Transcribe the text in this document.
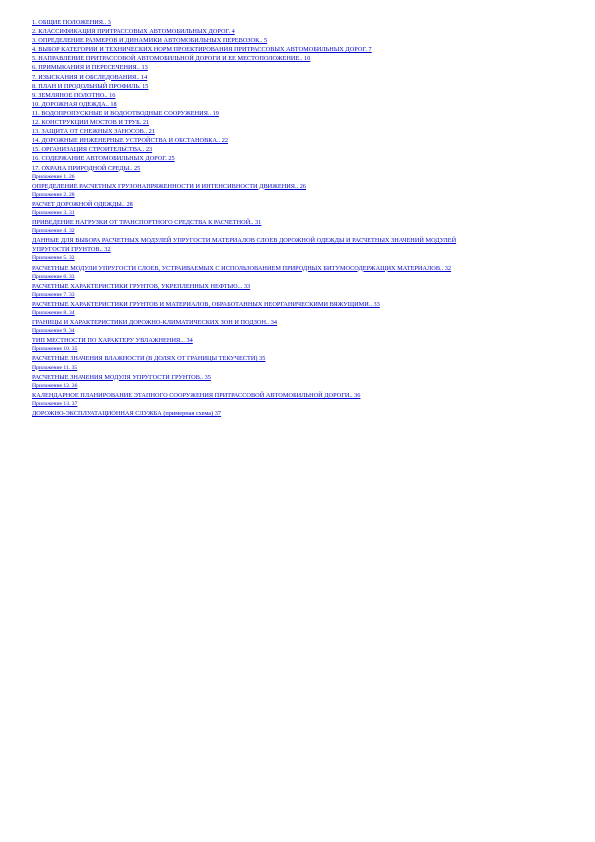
1. ОБЩИЕ ПОЛОЖЕНИЯ.. 3
2. КЛАССИФИКАЦИЯ ПРИТРАССОВЫХ АВТОМОБИЛЬНЫХ ДОРОГ. 4
3. ОПРЕДЕЛЕНИЕ РАЗМЕРОВ И ДИНАМИКИ АВТОМОБИЛЬНЫХ ПЕРЕВОЗОК.. 5
4. ВЫБОР КАТЕГОРИИ И ТЕХНИЧЕСКИХ НОРМ ПРОЕКТИРОВАНИЯ ПРИТРАССОВЫХ АВТОМОБИЛЬНЫХ ДОРОГ. 7
5. НАПРАВЛЕНИЕ ПРИТРАССОВОЙ АВТОМОБИЛЬНОЙ ДОРОГИ И ЕЕ МЕСТОПОЛОЖЕНИЕ.. 10
6. ПРИМЫКАНИЯ И ПЕРЕСЕЧЕНИЯ.. 13
7. ИЗЫСКАНИЯ И ОБСЛЕДОВАНИЯ.. 14
8. ПЛАН И ПРОДОЛЬНЫЙ ПРОФИЛЬ. 15
9. ЗЕМЛЯНОЕ ПОЛОТНО.. 16
10. ДОРОЖНАЯ ОДЕЖДА.. 18
11. ВОДОПРОПУСКНЫЕ И ВОДООТВОДНЫЕ СООРУЖЕНИЯ.. 19
12. КОНСТРУКЦИИ МОСТОВ И ТРУБ. 21
13. ЗАЩИТА ОТ СНЕЖНЫХ ЗАНОСОВ.. 21
14. ДОРОЖНЫЕ ИНЖЕНЕРНЫЕ УСТРОЙСТВА И ОБСТАНОВКА.. 22
15. ОРГАНИЗАЦИЯ СТРОИТЕЛЬСТВА.. 23
16. СОДЕРЖАНИЕ АВТОМОБИЛЬНЫХ ДОРОГ. 25
17. ОХРАНА ПРИРОДНОЙ СРЕДЫ.. 25
Приложение 1. 26
ОПРЕДЕЛЕНИЕ РАСЧЕТНЫХ ГРУЗОНАПРЯЖЕННОСТИ И ИНТЕНСИВНОСТИ ДВИЖЕНИЯ.. 26
Приложение 2. 28
РАСЧЕТ ДОРОЖНОЙ ОДЕЖДЫ.. 28
Приложение 3. 31
ПРИВЕДЕНИЕ НАГРУЗКИ ОТ ТРАНСПОРТНОГО СРЕДСТВА К РАСЧЕТНОЙ.. 31
Приложение 4. 32
ДАННЫЕ ДЛЯ ВЫБОРА РАСЧЕТНЫХ МОДУЛЕЙ УПРУГОСТИ МАТЕРИАЛОВ СЛОЕВ ДОРОЖНОЙ ОДЕЖДЫ И РАСЧЕТНЫХ ЗНАЧЕНИЙ МОДУЛЕЙ УПРУГОСТИ ГРУНТОВ.. 32
Приложение 5. 32
РАСЧЕТНЫЕ МОДУЛИ УПРУГОСТИ СЛОЕВ, УСТРАИВАЕМЫХ С ИСПОЛЬЗОВАНИЕМ ПРИРОДНЫХ БИТУМОСОДЕРЖАЩИХ МАТЕРИАЛОВ.. 32
Приложение 6. 33
РАСЧЕТНЫЕ ХАРАКТЕРИСТИКИ ГРУНТОВ, УКРЕПЛЕННЫХ НЕФТЬЮ... 33
Приложение 7. 33
РАСЧЕТНЫЕ ХАРАКТЕРИСТИКИ ГРУНТОВ И МАТЕРИАЛОВ, ОБРАБОТАННЫХ НЕОРГАНИЧЕСКИМИ ВЯЖУЩИМИ.. 33
Приложение 8. 34
ГРАНИЦЫ И ХАРАКТЕРИСТИКИ ДОРОЖНО-КЛИМАТИЧЕСКИХ ЗОН И ПОДЗОН.. 34
Приложение 9. 34
ТИП МЕСТНОСТИ ПО ХАРАКТЕРУ УВЛАЖНЕНИЯ... 34
Приложение 10. 35
РАСЧЕТНЫЕ ЗНАЧЕНИЯ ВЛАЖНОСТИ (В ДОЛЯХ ОТ ГРАНИЦЫ ТЕКУЧЕСТИ) 35
Приложение 11. 35
РАСЧЕТНЫЕ ЗНАЧЕНИЯ МОДУЛЯ УПРУГОСТИ ГРУНТОВ.. 35
Приложение 12. 36
КАЛЕНДАРНОЕ ПЛАНИРОВАНИЕ ЭТАПНОГО СООРУЖЕНИЯ ПРИТРАССОВОЙ АВТОМОБИЛЬНОЙ ДОРОГИ.. 36
Приложение 13. 37
ДОРОЖНО-ЭКСПЛУАТАЦИОННАЯ СЛУЖБА (примерная схема) 37
